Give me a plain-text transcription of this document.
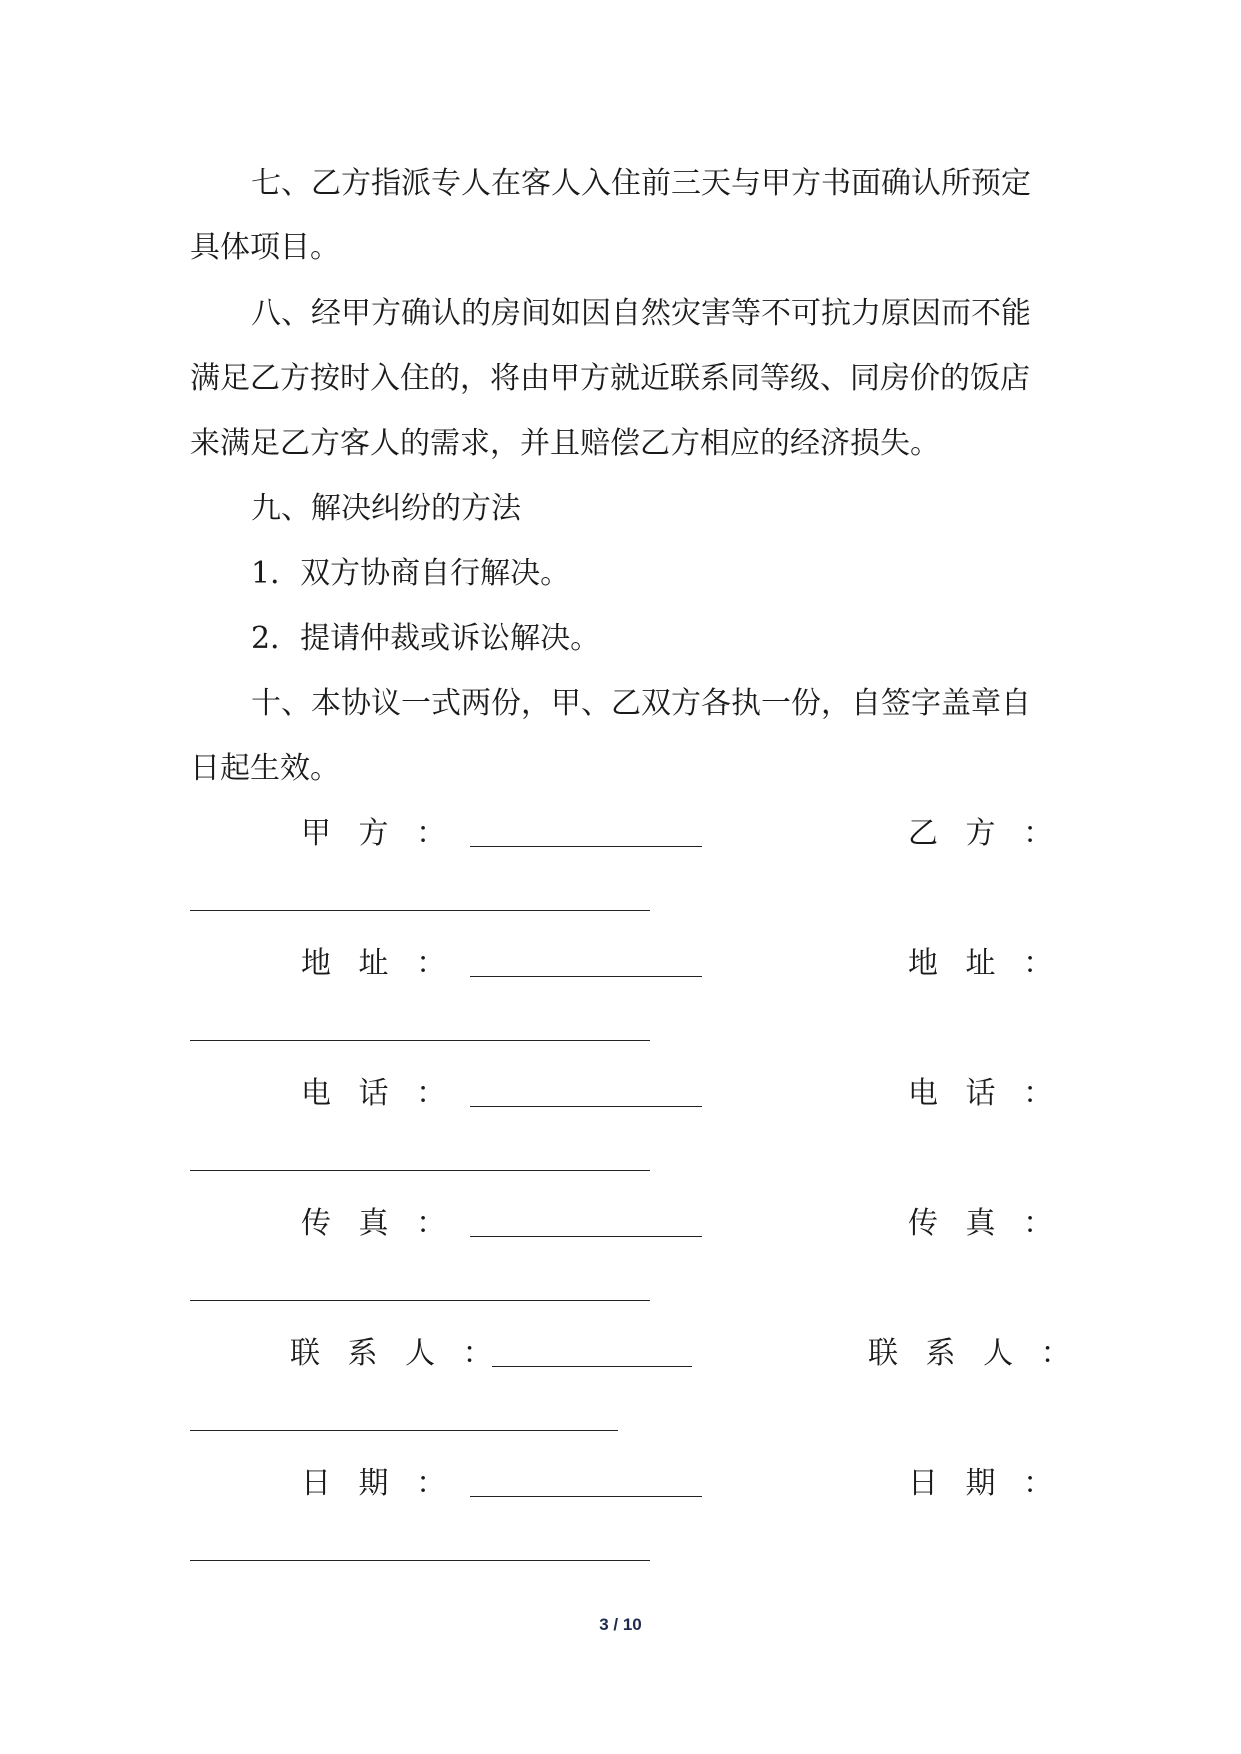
七、乙方指派专人在客人入住前三天与甲方书面确认所预定
具体项目。
八、经甲方确认的房间如因自然灾害等不可抗力原因而不能
满足乙方按时入住的，将由甲方就近联系同等级、同房价的饭店
来满足乙方客人的需求，并且赔偿乙方相应的经济损失。
九、解决纠纷的方法
1．双方协商自行解决。
2．提请仲裁或诉讼解决。
十、本协议一式两份，甲、乙双方各执一份，自签字盖章自
日起生效。
甲 方 ：	乙 方 ：
地 址 ：	地 址 ：
电 话 ：	电 话 ：
传 真 ：	传 真 ：
联 系 人 ：	联 系 人 ：
日 期 ：	日 期 ：
3 / 10
